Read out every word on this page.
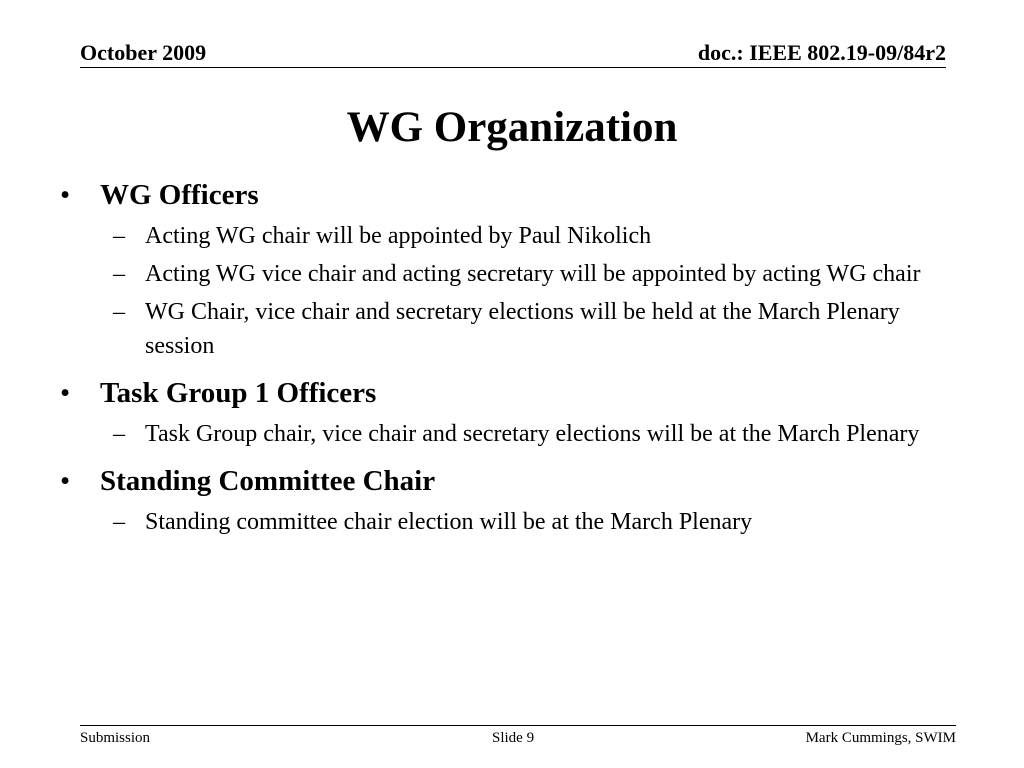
October 2009	doc.: IEEE 802.19-09/84r2
WG Organization
•	WG Officers
– Acting WG chair will be appointed by Paul Nikolich
– Acting WG vice chair and acting secretary will be appointed by acting WG chair
– WG Chair, vice chair and secretary elections will be held at the March Plenary session
•	Task Group 1 Officers
– Task Group chair, vice chair and secretary elections will be at the March Plenary
•	Standing Committee Chair
– Standing committee chair election will be at the March Plenary
Submission	Slide 9	Mark Cummings, SWIM
